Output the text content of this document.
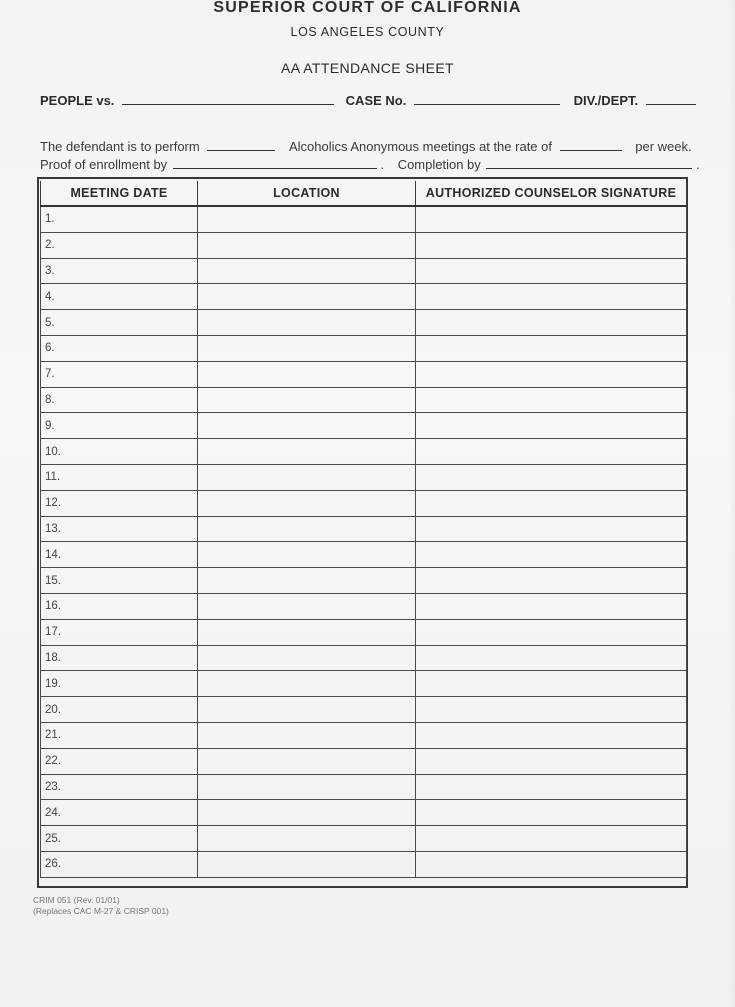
SUPERIOR COURT OF CALIFORNIA
LOS ANGELES COUNTY
AA ATTENDANCE SHEET
PEOPLE vs.	CASE No.	DIV./DEPT.
The defendant is to perform	Alcoholics Anonymous meetings at the rate of	per week.
Proof of enrollment by	. Completion by	.
MEETING DATE	LOCATION	AUTHORIZED COUNSELOR SIGNATURE
1.		
2.		
3.		
4.		
5.		
6.		
7.		
8.		
9.		
10.		
11.		
12.		
13.		
14.		
15.		
16.		
17.		
18.		
19.		
20.		
21.		
22.		
23.		
24.		
25.		
26.		
CRIM 051 (Rev. 01/01)
(Replaces CAC M-27 & CRISP 001)
